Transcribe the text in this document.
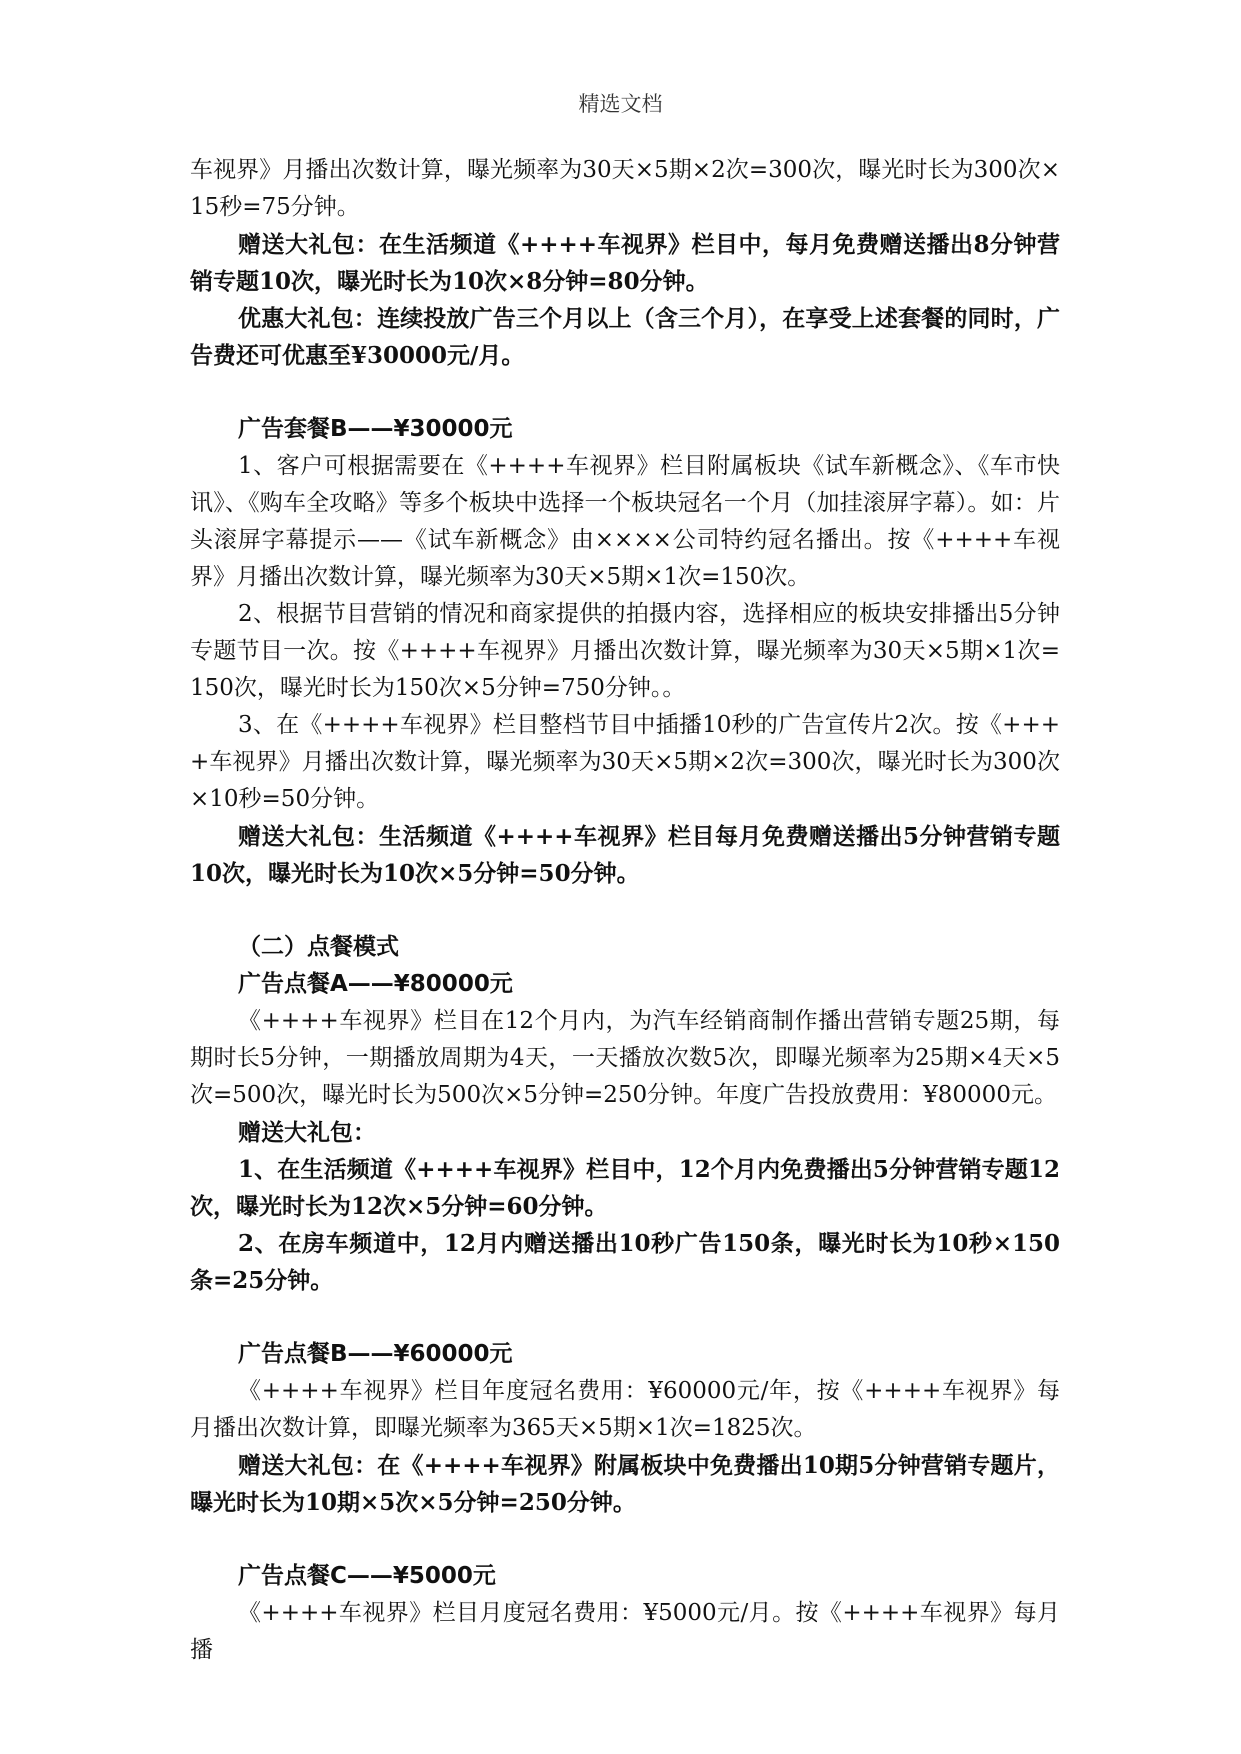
精选文档

车视界》月播出次数计算，曝光频率为30天×5期×2次=300次，曝光时长为300次×15秒=75分钟。

赠送大礼包：在生活频道《++++车视界》栏目中，每月免费赠送播出8分钟营销专题10次，曝光时长为10次×8分钟=80分钟。

优惠大礼包：连续投放广告三个月以上（含三个月），在享受上述套餐的同时，广告费还可优惠至¥30000元/月。

广告套餐B——¥30000元

1、客户可根据需要在《++++车视界》栏目附属板块《试车新概念》、《车市快讯》、《购车全攻略》等多个板块中选择一个板块冠名一个月（加挂滚屏字幕）。如：片头滚屏字幕提示——《试车新概念》由××××公司特约冠名播出。按《++++车视界》月播出次数计算，曝光频率为30天×5期×1次=150次。

2、根据节目营销的情况和商家提供的拍摄内容，选择相应的板块安排播出5分钟专题节目一次。按《++++车视界》月播出次数计算，曝光频率为30天×5期×1次=150次，曝光时长为150次×5分钟=750分钟。。

3、在《++++车视界》栏目整档节目中插播10秒的广告宣传片2次。按《++++车视界》月播出次数计算，曝光频率为30天×5期×2次=300次，曝光时长为300次×10秒=50分钟。

赠送大礼包：生活频道《++++车视界》栏目每月免费赠送播出5分钟营销专题10次，曝光时长为10次×5分钟=50分钟。

（二）点餐模式

广告点餐A——¥80000元

《++++车视界》栏目在12个月内，为汽车经销商制作播出营销专题25期，每期时长5分钟，一期播放周期为4天，一天播放次数5次，即曝光频率为25期×4天×5次=500次，曝光时长为500次×5分钟=250分钟。年度广告投放费用：¥80000元。

赠送大礼包：

1、在生活频道《++++车视界》栏目中，12个月内免费播出5分钟营销专题12次，曝光时长为12次×5分钟=60分钟。

2、在房车频道中，12月内赠送播出10秒广告150条，曝光时长为10秒×150条=25分钟。

广告点餐B——¥60000元

《++++车视界》栏目年度冠名费用：¥60000元/年，按《++++车视界》每月播出次数计算，即曝光频率为365天×5期×1次=1825次。

赠送大礼包：在《++++车视界》附属板块中免费播出10期5分钟营销专题片，曝光时长为10期×5次×5分钟=250分钟。

广告点餐C——¥5000元

《++++车视界》栏目月度冠名费用：¥5000元/月。按《++++车视界》每月播
